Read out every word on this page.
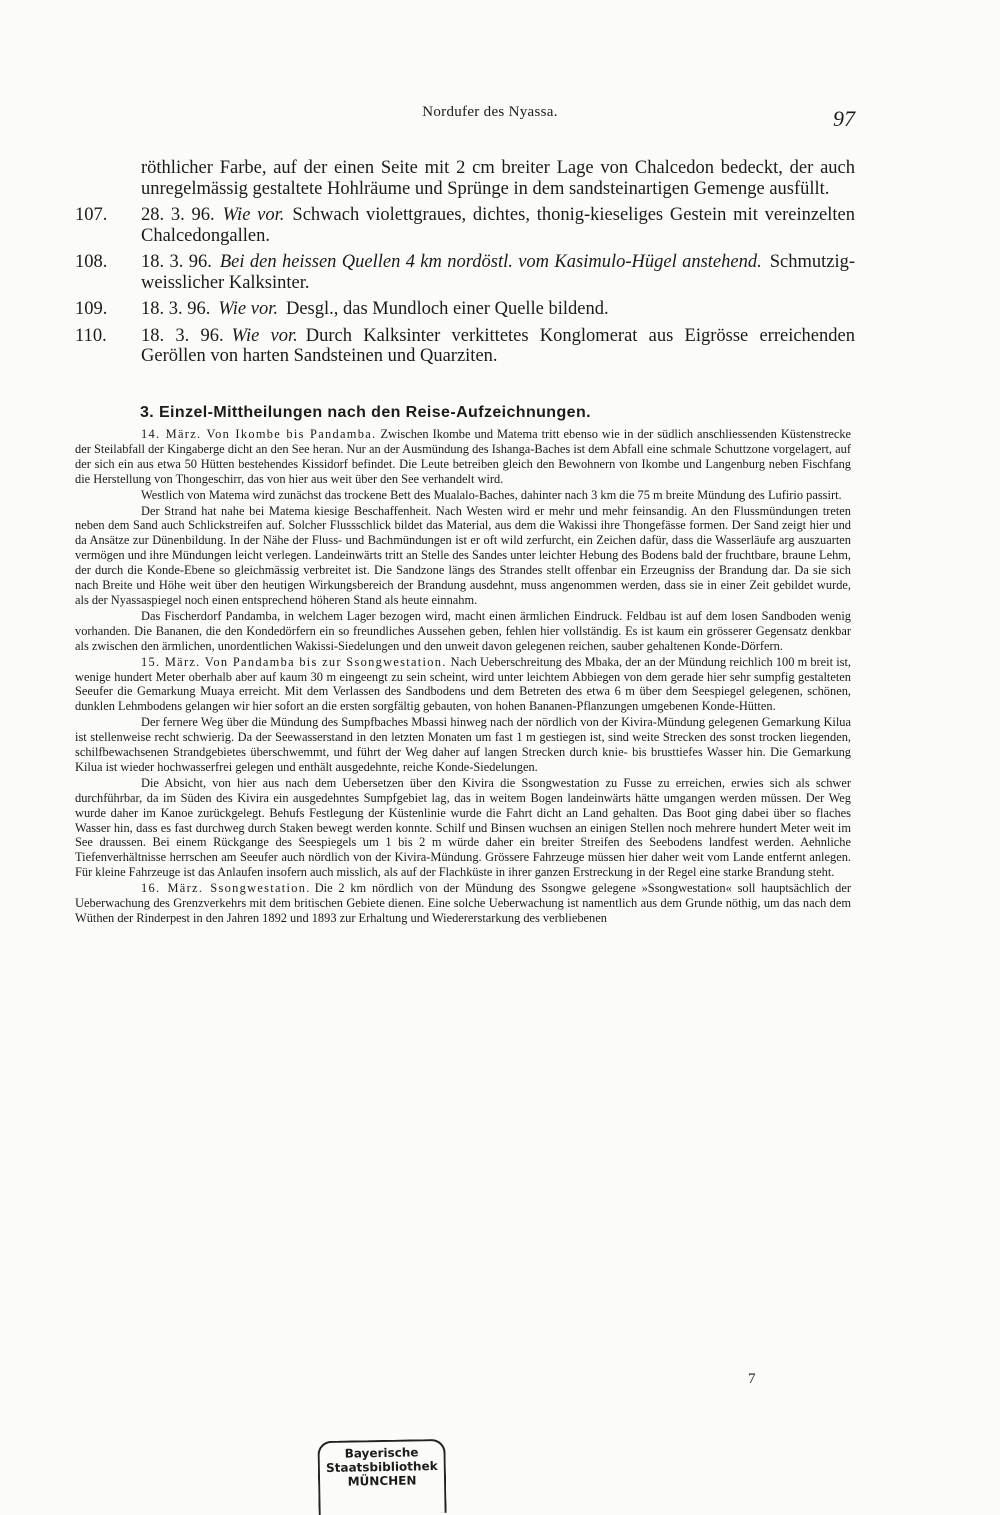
Nordufer des Nyassa.	97

röthlicher Farbe, auf der einen Seite mit 2 cm breiter Lage von Chalcedon bedeckt, der auch unregelmässig gestaltete Hohlräume und Sprünge in dem sandsteinartigen Gemenge ausfüllt.

107.	28. 3. 96. Wie vor. Schwach violettgraues, dichtes, thonig-kieseliges Gestein mit vereinzelten Chalcedongallen.

108.	18. 3. 96. Bei den heissen Quellen 4 km nordöstl. vom Kasimulo-Hügel anstehend. Schmutzig-weisslicher Kalksinter.

109.	18. 3. 96. Wie vor. Desgl., das Mundloch einer Quelle bildend.

110.	18. 3. 96. Wie vor. Durch Kalksinter verkittetes Konglomerat aus Eigrösse erreichenden Geröllen von harten Sandsteinen und Quarziten.

3. Einzel-Mittheilungen nach den Reise-Aufzeichnungen.

14. März. Von Ikombe bis Pandamba. Zwischen Ikombe und Matema tritt ebenso wie in der südlich anschliessenden Küstenstrecke der Steilabfall der Kingaberge dicht an den See heran. Nur an der Ausmündung des Ishanga-Baches ist dem Abfall eine schmale Schuttzone vorgelagert, auf der sich ein aus etwa 50 Hütten bestehendes Kissidorf befindet. Die Leute betreiben gleich den Bewohnern von Ikombe und Langenburg neben Fischfang die Herstellung von Thongeschirr, das von hier aus weit über den See verhandelt wird.

Westlich von Matema wird zunächst das trockene Bett des Mualalo-Baches, dahinter nach 3 km die 75 m breite Mündung des Lufirio passirt.

Der Strand hat nahe bei Matema kiesige Beschaffenheit. Nach Westen wird er mehr und mehr feinsandig. An den Flussmündungen treten neben dem Sand auch Schlickstreifen auf. Solcher Flussschlick bildet das Material, aus dem die Wakissi ihre Thongefässe formen. Der Sand zeigt hier und da Ansätze zur Dünenbildung. In der Nähe der Fluss- und Bachmündungen ist er oft wild zerfurcht, ein Zeichen dafür, dass die Wasserläufe arg auszuarten vermögen und ihre Mündungen leicht verlegen. Landeinwärts tritt an Stelle des Sandes unter leichter Hebung des Bodens bald der fruchtbare, braune Lehm, der durch die Konde-Ebene so gleichmässig verbreitet ist. Die Sandzone längs des Strandes stellt offenbar ein Erzeugniss der Brandung dar. Da sie sich nach Breite und Höhe weit über den heutigen Wirkungsbereich der Brandung ausdehnt, muss angenommen werden, dass sie in einer Zeit gebildet wurde, als der Nyassaspiegel noch einen entsprechend höheren Stand als heute einnahm.

Das Fischerdorf Pandamba, in welchem Lager bezogen wird, macht einen ärmlichen Eindruck. Feldbau ist auf dem losen Sandboden wenig vorhanden. Die Bananen, die den Kondedörfern ein so freundliches Aussehen geben, fehlen hier vollständig. Es ist kaum ein grösserer Gegensatz denkbar als zwischen den ärmlichen, unordentlichen Wakissi-Siedelungen und den unweit davon gelegenen reichen, sauber gehaltenen Konde-Dörfern.

15. März. Von Pandamba bis zur Ssongwestation. Nach Ueberschreitung des Mbaka, der an der Mündung reichlich 100 m breit ist, wenige hundert Meter oberhalb aber auf kaum 30 m eingeengt zu sein scheint, wird unter leichtem Abbiegen von dem gerade hier sehr sumpfig gestalteten Seeufer die Gemarkung Muaya erreicht. Mit dem Verlassen des Sandbodens und dem Betreten des etwa 6 m über dem Seespiegel gelegenen, schönen, dunklen Lehmbodens gelangen wir hier sofort an die ersten sorgfältig gebauten, von hohen Bananen-Pflanzungen umgebenen Konde-Hütten.

Der fernere Weg über die Mündung des Sumpfbaches Mbassi hinweg nach der nördlich von der Kivira-Mündung gelegenen Gemarkung Kilua ist stellenweise recht schwierig. Da der Seewasserstand in den letzten Monaten um fast 1 m gestiegen ist, sind weite Strecken des sonst trocken liegenden, schilfbewachsenen Strandgebietes überschwemmt, und führt der Weg daher auf langen Strecken durch knie- bis brusttiefes Wasser hin. Die Gemarkung Kilua ist wieder hochwasserfrei gelegen und enthält ausgedehnte, reiche Konde-Siedelungen.

Die Absicht, von hier aus nach dem Uebersetzen über den Kivira die Ssongwestation zu Fusse zu erreichen, erwies sich als schwer durchführbar, da im Süden des Kivira ein ausgedehntes Sumpfgebiet lag, das in weitem Bogen landeinwärts hätte umgangen werden müssen. Der Weg wurde daher im Kanoe zurückgelegt. Behufs Festlegung der Küstenlinie wurde die Fahrt dicht an Land gehalten. Das Boot ging dabei über so flaches Wasser hin, dass es fast durchweg durch Staken bewegt werden konnte. Schilf und Binsen wuchsen an einigen Stellen noch mehrere hundert Meter weit im See draussen. Bei einem Rückgange des Seespiegels um 1 bis 2 m würde daher ein breiter Streifen des Seebodens landfest werden. Aehnliche Tiefenverhältnisse herrschen am Seeufer auch nördlich von der Kivira-Mündung. Grössere Fahrzeuge müssen hier daher weit vom Lande entfernt anlegen. Für kleine Fahrzeuge ist das Anlaufen insofern auch misslich, als auf der Flachküste in ihrer ganzen Erstreckung in der Regel eine starke Brandung steht.

16. März. Ssongwestation. Die 2 km nördlich von der Mündung des Ssongwe gelegene »Ssongwestation« soll hauptsächlich der Ueberwachung des Grenzverkehrs mit dem britischen Gebiete dienen. Eine solche Ueberwachung ist namentlich aus dem Grunde nöthig, um das nach dem Wüthen der Rinderpest in den Jahren 1892 und 1893 zur Erhaltung und Wiedererstarkung des verbliebenen

7
Bayerische Staatsbibliothek MÜNCHEN
